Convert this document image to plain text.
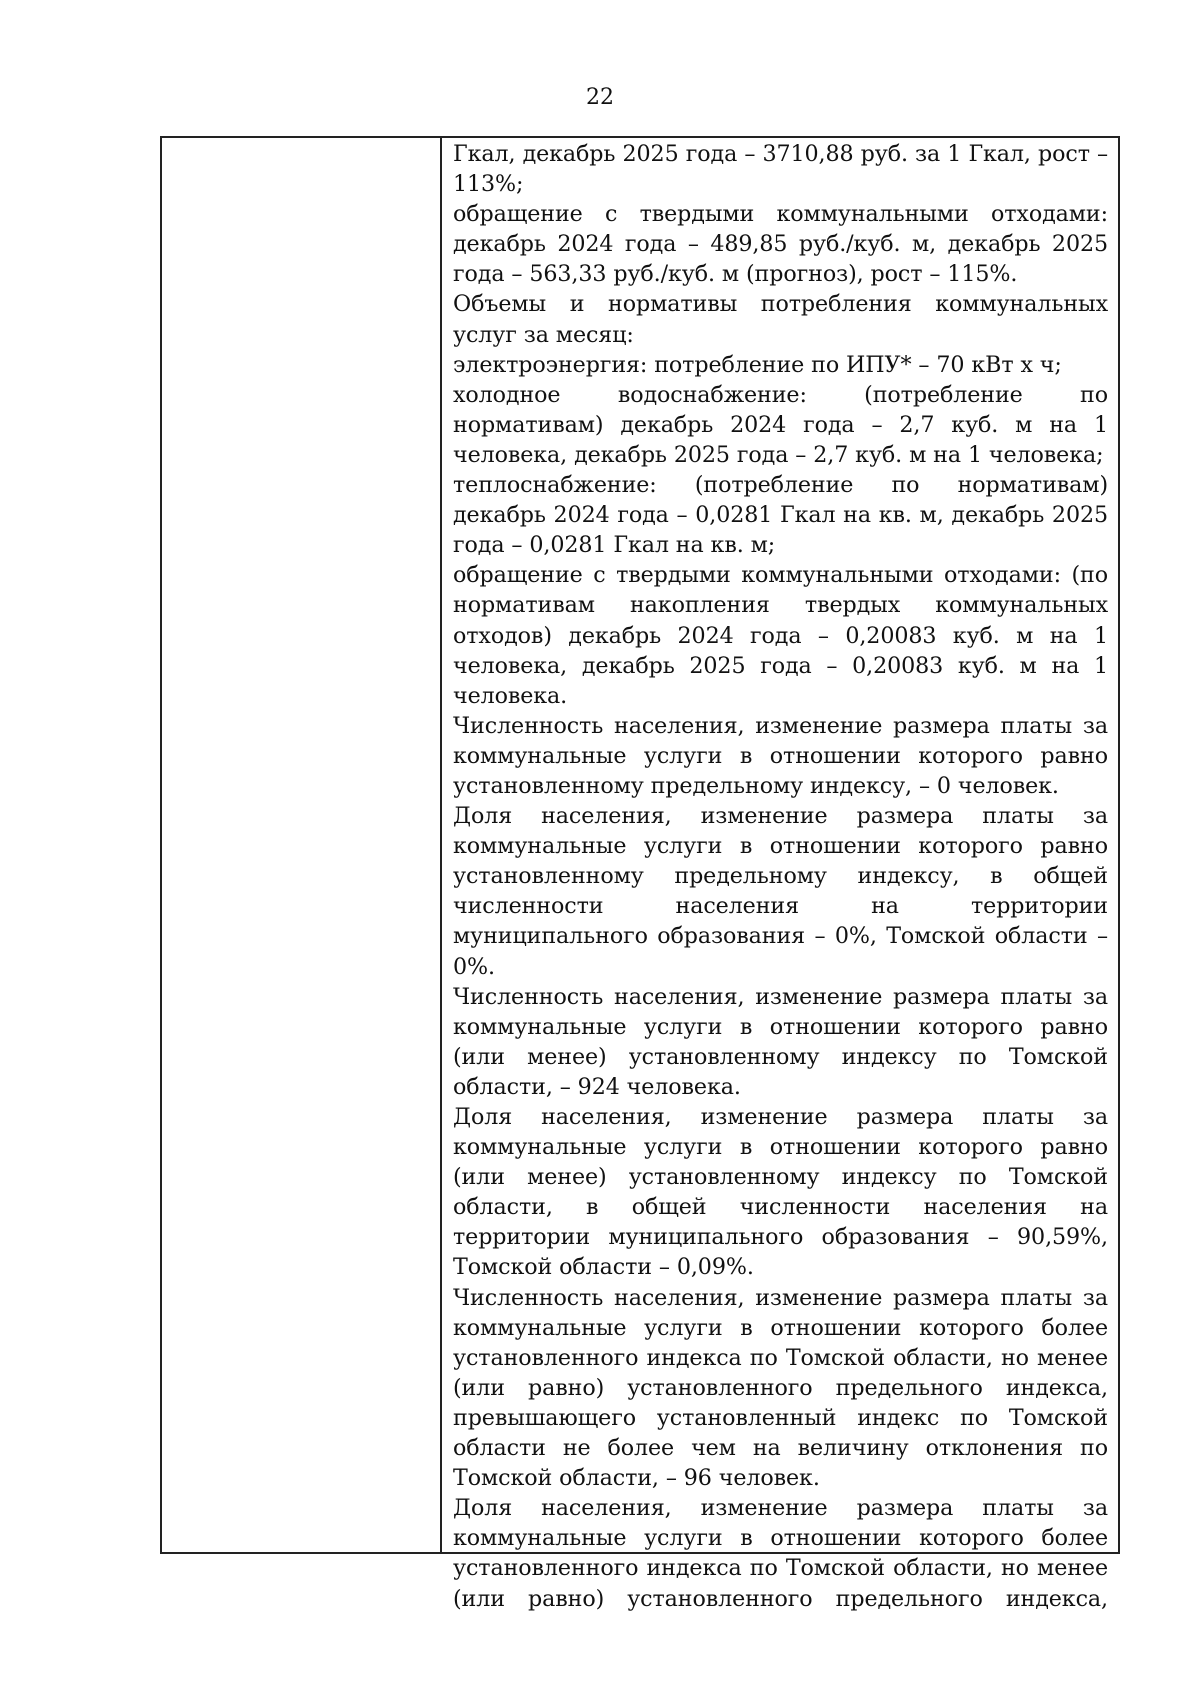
22

Гкал, декабрь 2025 года – 3710,88 руб. за 1 Гкал, рост – 113%;

обращение с твердыми коммунальными отходами: декабрь 2024 года – 489,85 руб./куб. м, декабрь 2025 года – 563,33 руб./куб. м (прогноз), рост – 115%.

Объемы и нормативы потребления коммунальных услуг за месяц:

электроэнергия: потребление по ИПУ* – 70 кВт х ч;

холодное водоснабжение: (потребление по нормативам) декабрь 2024 года – 2,7 куб. м на 1 человека, декабрь 2025 года – 2,7 куб. м на 1 человека;

теплоснабжение: (потребление по нормативам) декабрь 2024 года – 0,0281 Гкал на кв. м, декабрь 2025 года – 0,0281 Гкал на кв. м;

обращение с твердыми коммунальными отходами: (по нормативам накопления твердых коммунальных отходов) декабрь 2024 года – 0,20083 куб. м на 1 человека, декабрь 2025 года – 0,20083 куб. м на 1 человека.

Численность населения, изменение размера платы за коммунальные услуги в отношении которого равно установленному предельному индексу, – 0 человек.

Доля населения, изменение размера платы за коммунальные услуги в отношении которого равно установленному предельному индексу, в общей численности населения на территории муниципального образования – 0%, Томской области – 0%.

Численность населения, изменение размера платы за коммунальные услуги в отношении которого равно (или менее) установленному индексу по Томской области, – 924 человека.

Доля населения, изменение размера платы за коммунальные услуги в отношении которого равно (или менее) установленному индексу по Томской области, в общей численности населения на территории муниципального образования – 90,59%, Томской области – 0,09%.

Численность населения, изменение размера платы за коммунальные услуги в отношении которого более установленного индекса по Томской области, но менее (или равно) установленного предельного индекса, превышающего установленный индекс по Томской области не более чем на величину отклонения по Томской области, – 96 человек.

Доля населения, изменение размера платы за коммунальные услуги в отношении которого более установленного индекса по Томской области, но менее (или равно) установленного предельного индекса,
